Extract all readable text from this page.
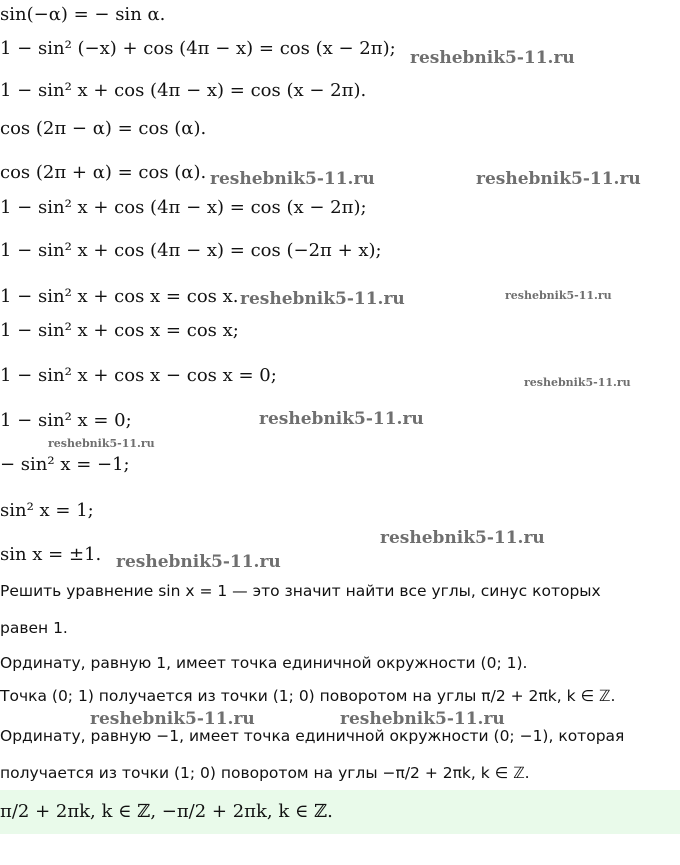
sin(−α) = − sin α.
1 − sin² (−x) + cos (4π − x) = cos (x − 2π);
1 − sin² x + cos (4π − x) = cos (x − 2π).
cos (2π − α) = cos (α).
cos (2π + α) = cos (α).
1 − sin² x + cos (4π − x) = cos (x − 2π);
1 − sin² x + cos (4π − x) = cos (−2π + x);
1 − sin² x + cos x = cos x.
1 − sin² x + cos x = cos x;
1 − sin² x + cos x − cos x = 0;
1 − sin² x = 0;
− sin² x = −1;
sin² x = 1;
sin x = ±1.
Решить уравнение sin x = 1 — это значит найти все углы, синус которых
равен 1.
Ординату, равную 1, имеет точка единичной окружности (0; 1).
Точка (0; 1) получается из точки (1; 0) поворотом на углы π/2 + 2πk, k ∈ ℤ.
Ординату, равную −1, имеет точка единичной окружности (0; −1), которая
получается из точки (1; 0) поворотом на углы −π/2 + 2πk, k ∈ ℤ.
π/2 + 2πk, k ∈ ℤ, −π/2 + 2πk, k ∈ ℤ.
reshebnik5-11.ru
reshebnik5-11.ru	reshebnik5-11.ru
reshebnik5-11.ru	reshebnik5-11.ru
reshebnik5-11.ru
reshebnik5-11.ru
reshebnik5-11.ru
reshebnik5-11.ru
reshebnik5-11.ru
reshebnik5-11.ru	reshebnik5-11.ru
